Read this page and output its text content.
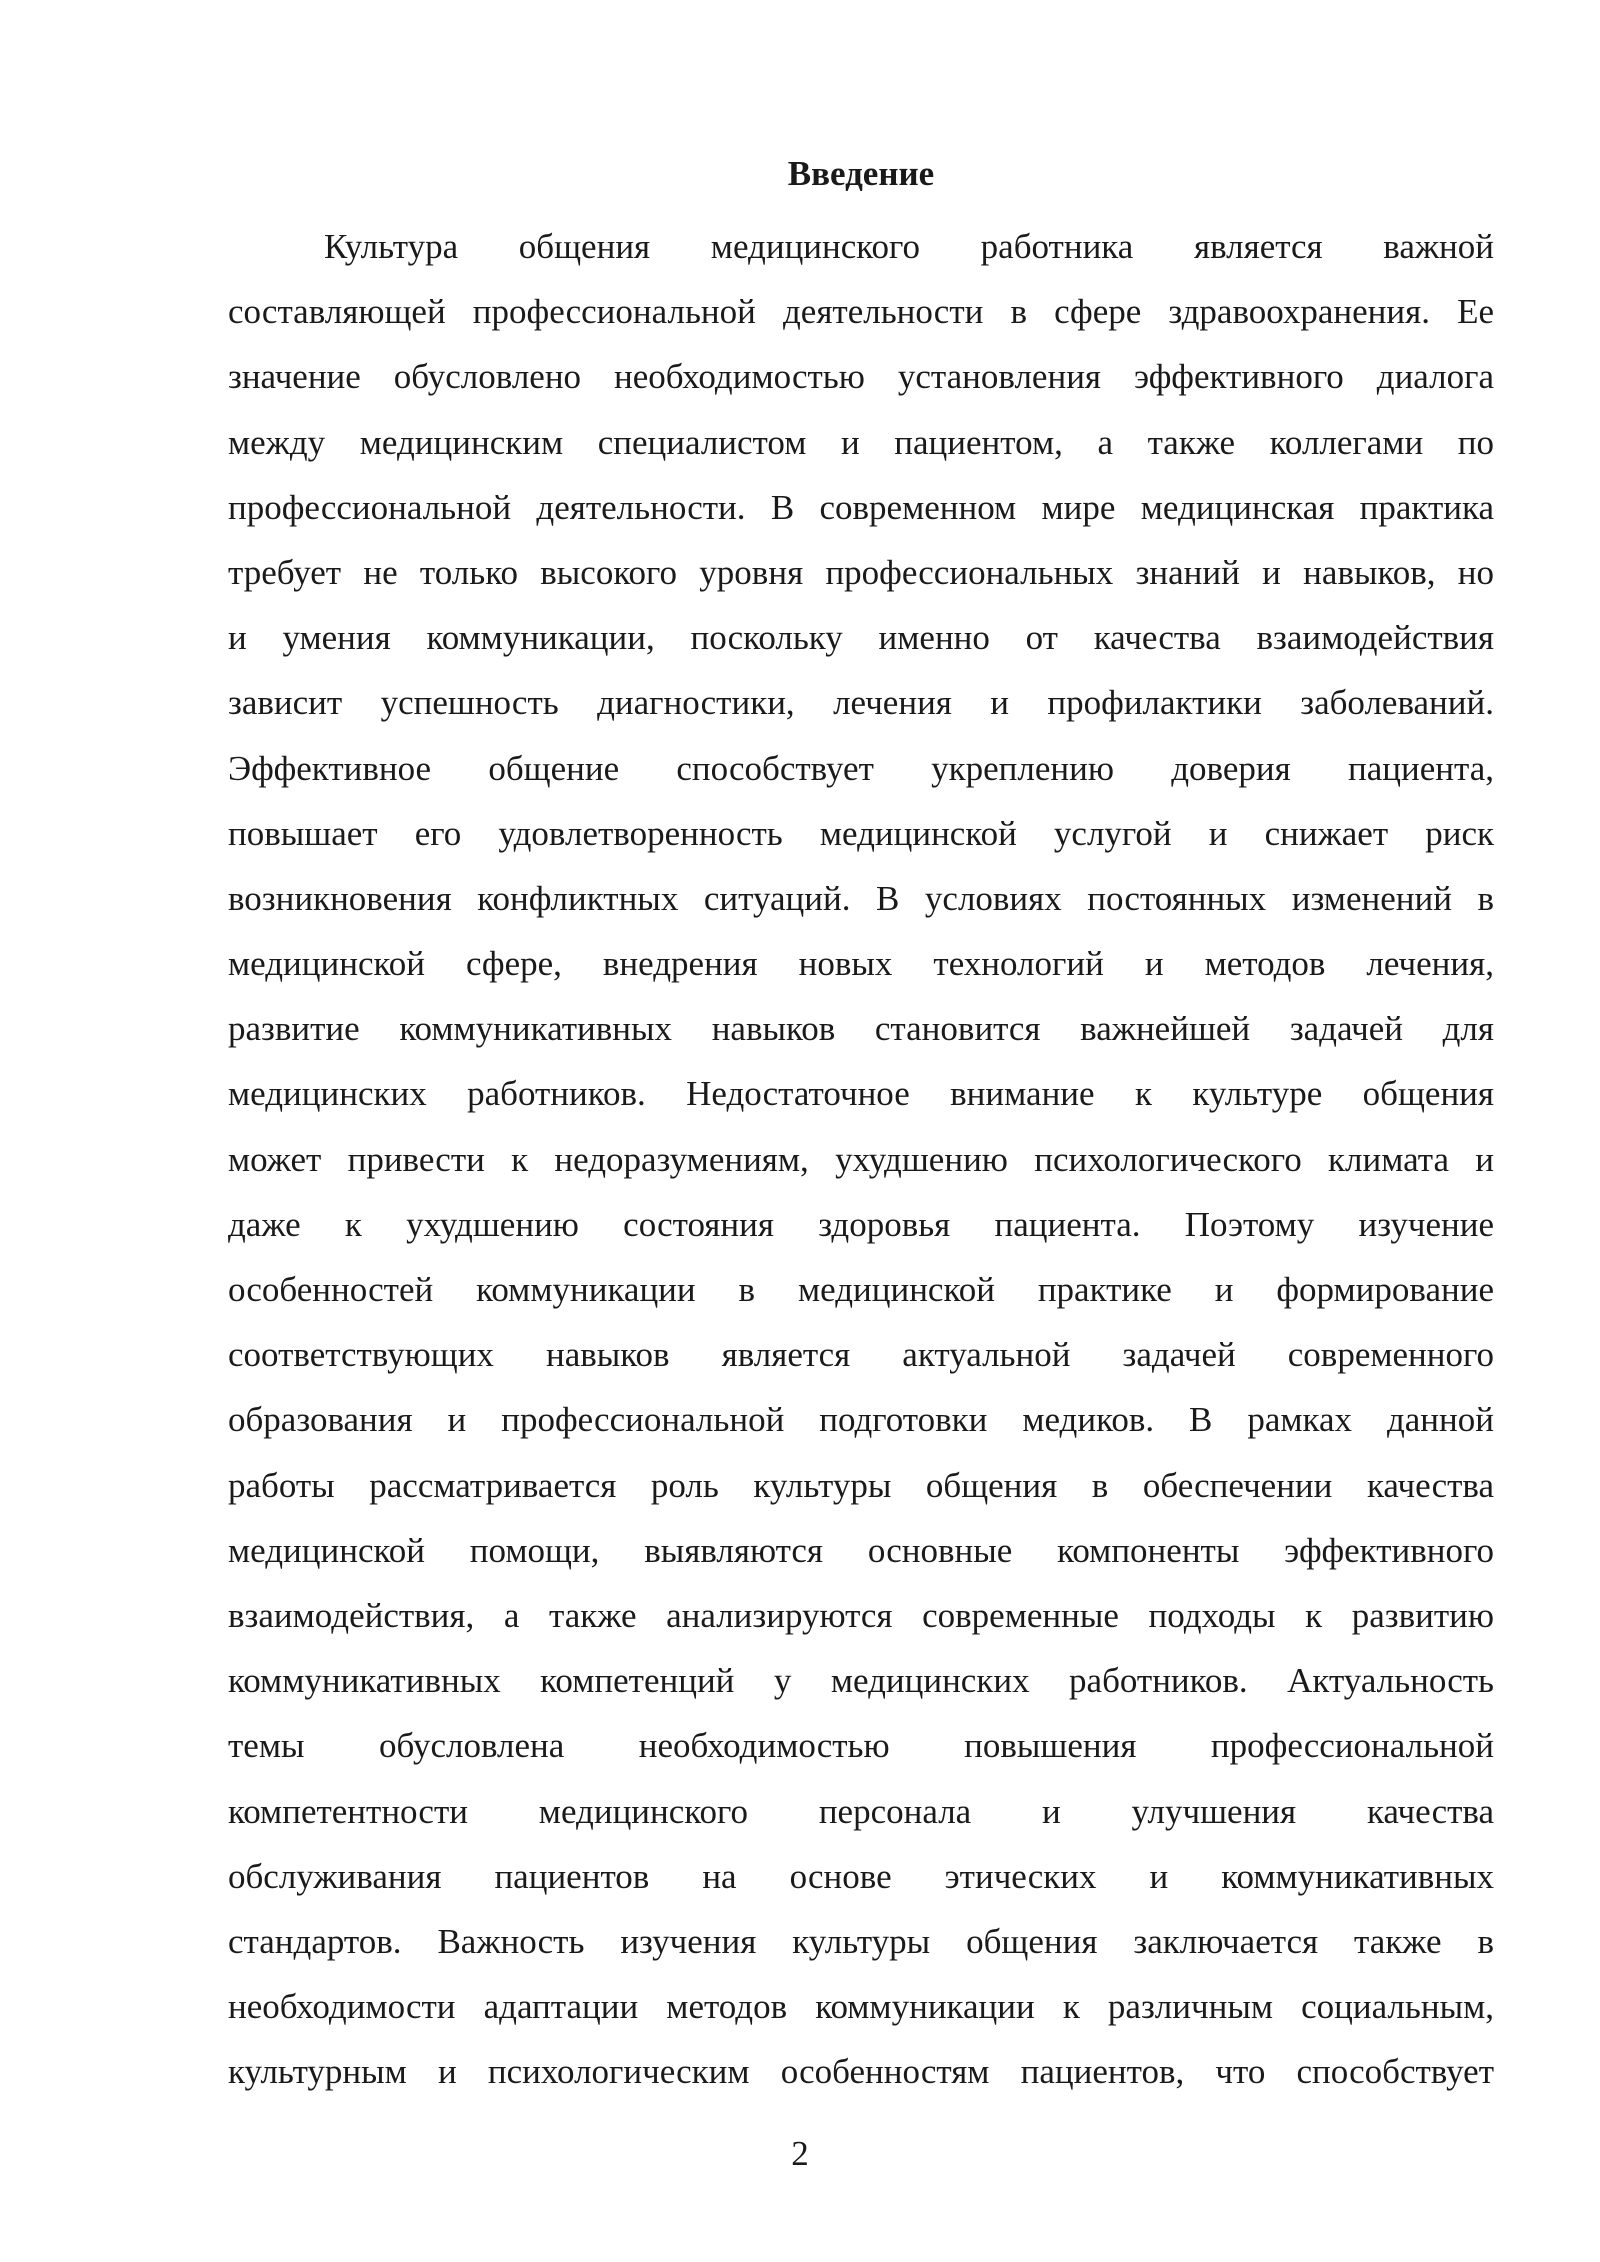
Введение
Культура общения медицинского работника является важной
составляющей профессиональной деятельности в сфере здравоохранения. Ее
значение обусловлено необходимостью установления эффективного диалога
между медицинским специалистом и пациентом, а также коллегами по
профессиональной деятельности. В современном мире медицинская практика
требует не только высокого уровня профессиональных знаний и навыков, но
и умения коммуникации, поскольку именно от качества взаимодействия
зависит успешность диагностики, лечения и профилактики заболеваний.
Эффективное общение способствует укреплению доверия пациента,
повышает его удовлетворенность медицинской услугой и снижает риск
возникновения конфликтных ситуаций. В условиях постоянных изменений в
медицинской сфере, внедрения новых технологий и методов лечения,
развитие коммуникативных навыков становится важнейшей задачей для
медицинских работников. Недостаточное внимание к культуре общения
может привести к недоразумениям, ухудшению психологического климата и
даже к ухудшению состояния здоровья пациента. Поэтому изучение
особенностей коммуникации в медицинской практике и формирование
соответствующих навыков является актуальной задачей современного
образования и профессиональной подготовки медиков. В рамках данной
работы рассматривается роль культуры общения в обеспечении качества
медицинской помощи, выявляются основные компоненты эффективного
взаимодействия, а также анализируются современные подходы к развитию
коммуникативных компетенций у медицинских работников. Актуальность
темы обусловлена необходимостью повышения профессиональной
компетентности медицинского персонала и улучшения качества
обслуживания пациентов на основе этических и коммуникативных
стандартов. Важность изучения культуры общения заключается также в
необходимости адаптации методов коммуникации к различным социальным,
культурным и психологическим особенностям пациентов, что способствует
2
